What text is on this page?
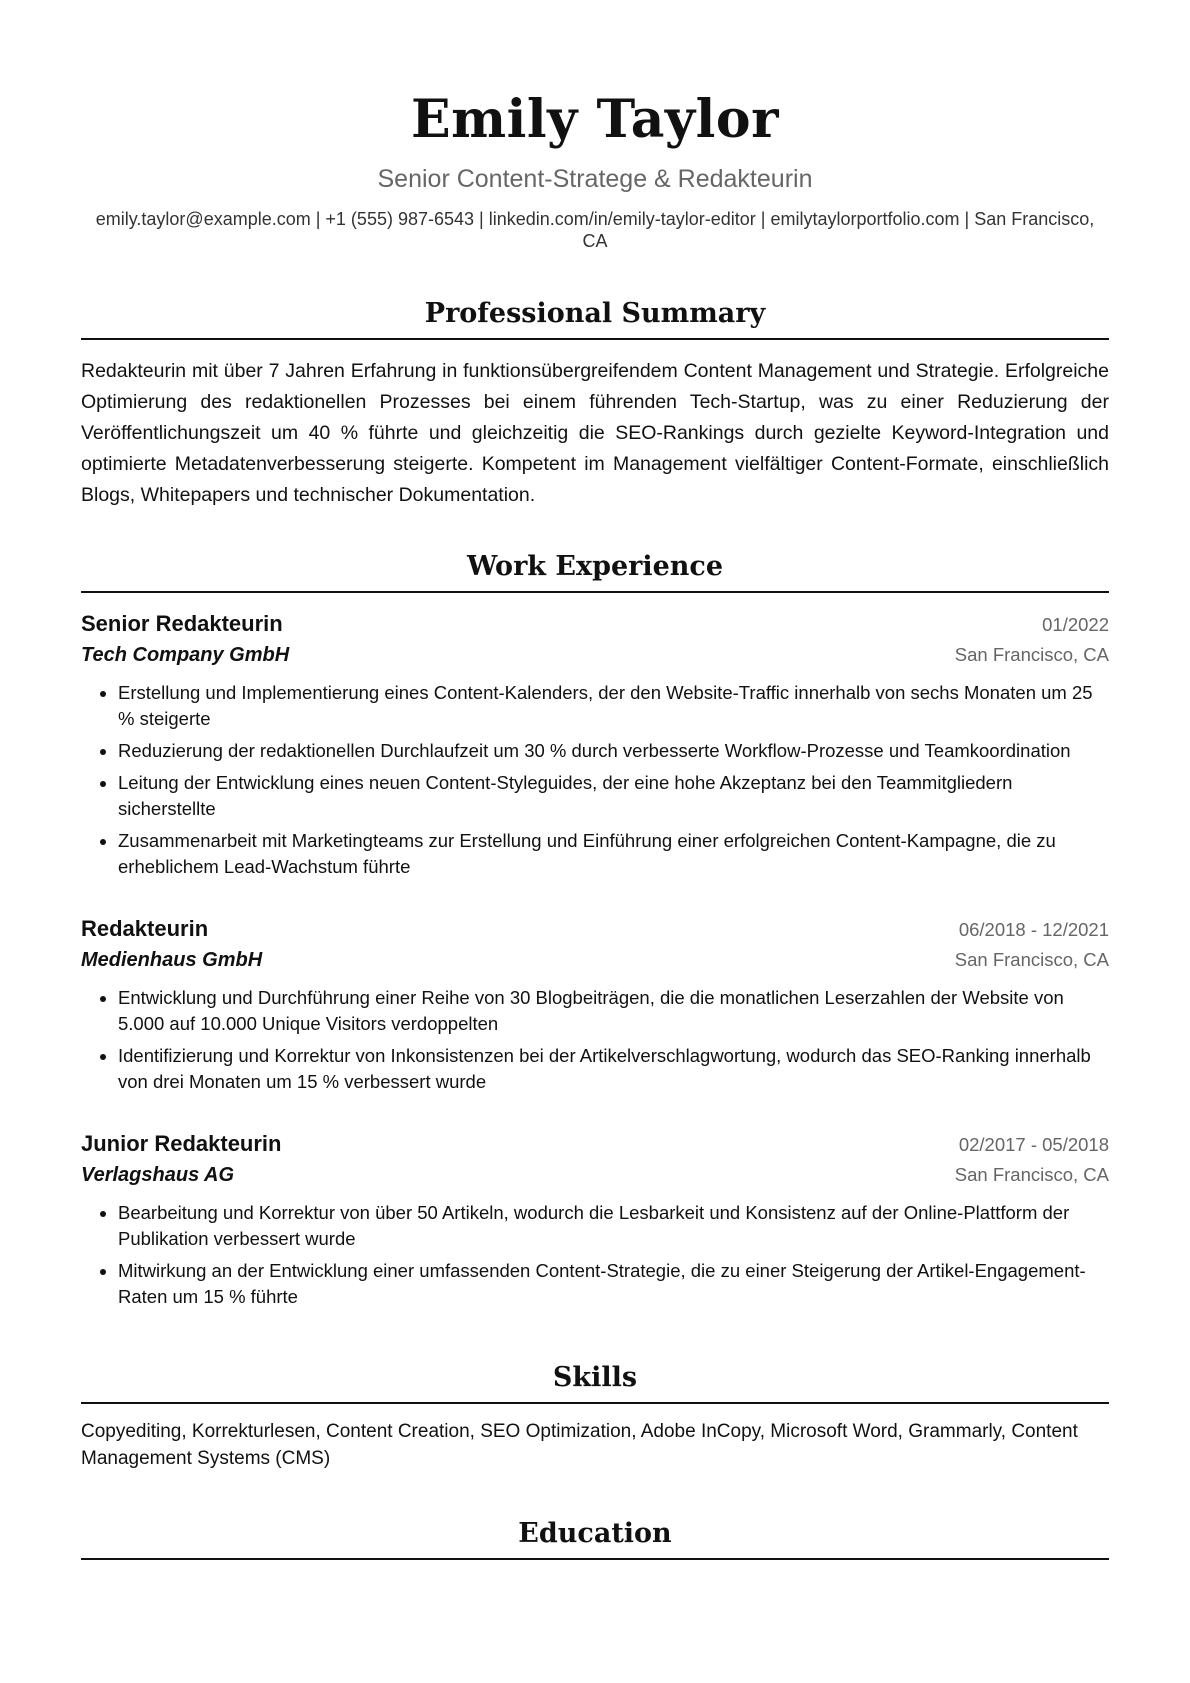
Emily Taylor
Senior Content-Stratege & Redakteurin
emily.taylor@example.com | +1 (555) 987-6543 | linkedin.com/in/emily-taylor-editor | emilytaylorportfolio.com | San Francisco, CA
Professional Summary

Redakteurin mit über 7 Jahren Erfahrung in funktionsübergreifendem Content Management und Strategie. Erfolgreiche Optimierung des redaktionellen Prozesses bei einem führenden Tech-Startup, was zu einer Reduzierung der Veröffentlichungszeit um 40 % führte und gleichzeitig die SEO-Rankings durch gezielte Keyword-Integration und optimierte Metadatenverbesserung steigerte. Kompetent im Management vielfältiger Content-Formate, einschließlich Blogs, Whitepapers und technischer Dokumentation.

Work Experience
Senior Redakteurin	01/2022
Tech Company GmbH	San Francisco, CA
• Erstellung und Implementierung eines Content-Kalenders, der den Website-Traffic innerhalb von sechs Monaten um 25 % steigerte
• Reduzierung der redaktionellen Durchlaufzeit um 30 % durch verbesserte Workflow-Prozesse und Teamkoordination
• Leitung der Entwicklung eines neuen Content-Styleguides, der eine hohe Akzeptanz bei den Teammitgliedern sicherstellte
• Zusammenarbeit mit Marketingteams zur Erstellung und Einführung einer erfolgreichen Content-Kampagne, die zu erheblichem Lead-Wachstum führte
Redakteurin	06/2018 - 12/2021
Medienhaus GmbH	San Francisco, CA
• Entwicklung und Durchführung einer Reihe von 30 Blogbeiträgen, die die monatlichen Leserzahlen der Website von 5.000 auf 10.000 Unique Visitors verdoppelten
• Identifizierung und Korrektur von Inkonsistenzen bei der Artikelverschlagwortung, wodurch das SEO-Ranking innerhalb von drei Monaten um 15 % verbessert wurde
Junior Redakteurin	02/2017 - 05/2018
Verlagshaus AG	San Francisco, CA
• Bearbeitung und Korrektur von über 50 Artikeln, wodurch die Lesbarkeit und Konsistenz auf der Online-Plattform der Publikation verbessert wurde
• Mitwirkung an der Entwicklung einer umfassenden Content-Strategie, die zu einer Steigerung der Artikel-Engagement-Raten um 15 % führte
Skills

Copyediting, Korrekturlesen, Content Creation, SEO Optimization, Adobe InCopy, Microsoft Word, Grammarly, Content Management Systems (CMS)

Education
